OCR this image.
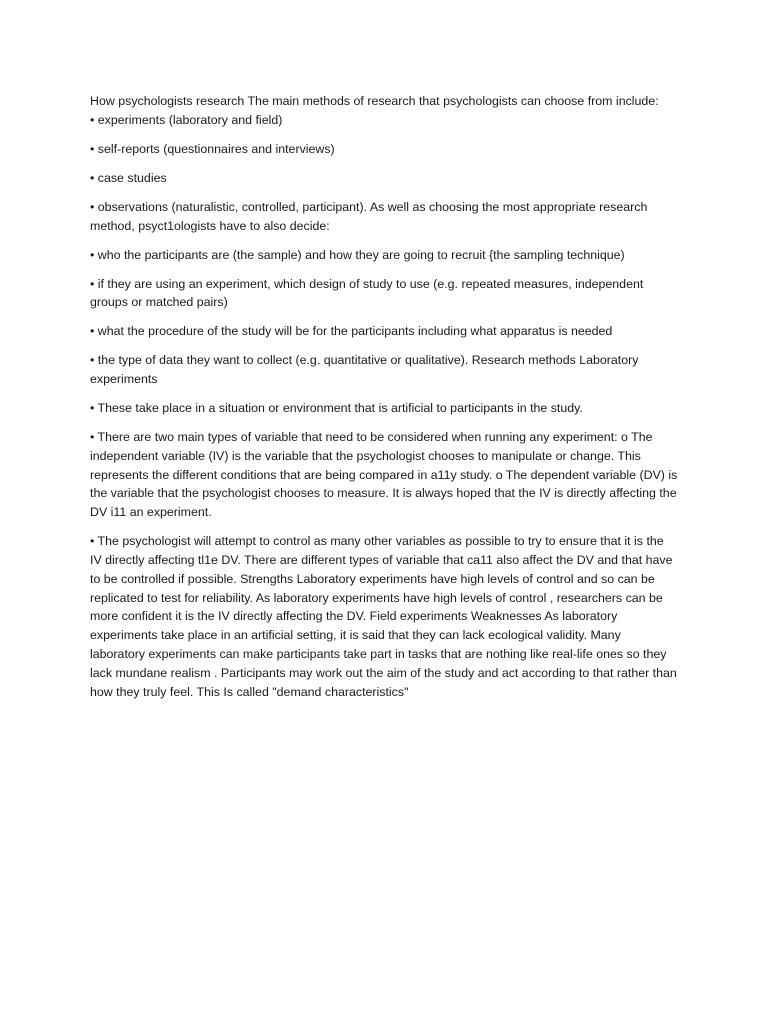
How psychologists research The main methods of research that psychologists can choose from include:

• experiments (laboratory and field)

• self-reports (questionnaires and interviews)

• case studies

• observations (naturalistic, controlled, participant). As well as choosing the most appropriate research method, psyct1ologists have to also decide:

• who the participants are (the sample) and how they are going to recruit {the sampling technique)

• if they are using an experiment, which design of study to use (e.g. repeated measures, independent groups or matched pairs)

• what the procedure of the study will be for the participants including what apparatus is needed

• the type of data they want to collect (e.g. quantitative or qualitative). Research methods Laboratory experiments

• These take place in a situation or environment that is artificial to participants in the study.

• There are two main types of variable that need to be considered when running any experiment: o The independent variable (IV) is the variable that the psychologist chooses to manipulate or change. This represents the different conditions that are being compared in a11y study. o The dependent variable (DV) is the variable that the psychologist chooses to measure. It is always hoped that the IV is directly affecting the DV i11 an experiment.

• The psychologist will attempt to control as many other variables as possible to try to ensure that it is the IV directly affecting tl1e DV. There are different types of variable that ca11 also affect the DV and that have to be controlled if possible. Strengths Laboratory experiments have high levels of control and so can be replicated to test for reliability. As laboratory experiments have high levels of control , researchers can be more confident it is the IV directly affecting the DV. Field experiments Weaknesses As laboratory experiments take place in an artificial setting, it is said that they can lack ecological validity. Many laboratory experiments can make participants take part in tasks that are nothing like real-life ones so they lack mundane realism . Participants may work out the aim of the study and act according to that rather than how they truly feel. This Is called "demand characteristics"
